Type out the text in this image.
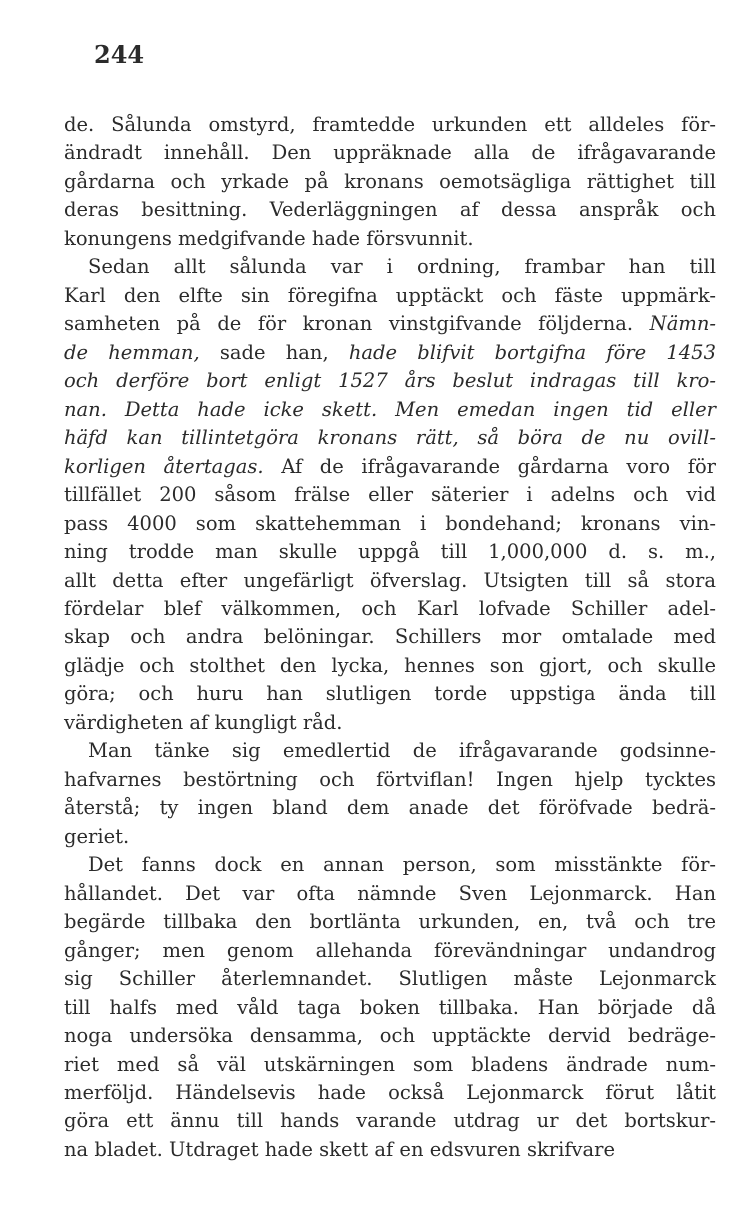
244
de. Sålunda omstyrd, framtedde urkunden ett alldeles för-
ändradt innehåll. Den uppräknade alla de ifrågavarande
gårdarna och yrkade på kronans oemotsägliga rättighet till
deras besittning. Vederläggningen af dessa anspråk och
konungens medgifvande hade försvunnit.
Sedan allt sålunda var i ordning, frambar han till
Karl den elfte sin föregifna upptäckt och fäste uppmärk-
samheten på de för kronan vinstgifvande följderna. Nämn-
de hemman, sade han, hade blifvit bortgifna före 1453
och derföre bort enligt 1527 års beslut indragas till kro-
nan. Detta hade icke skett. Men emedan ingen tid eller
häfd kan tillintetgöra kronans rätt, så böra de nu ovill-
korligen återtagas. Af de ifrågavarande gårdarna voro för
tillfället 200 såsom frälse eller säterier i adelns och vid
pass 4000 som skattehemman i bondehand; kronans vin-
ning trodde man skulle uppgå till 1,000,000 d. s. m.,
allt detta efter ungefärligt öfverslag. Utsigten till så stora
fördelar blef välkommen, och Karl lofvade Schiller adel-
skap och andra belöningar. Schillers mor omtalade med
glädje och stolthet den lycka, hennes son gjort, och skulle
göra; och huru han slutligen torde uppstiga ända till
värdigheten af kungligt råd.
Man tänke sig emedlertid de ifrågavarande godsinne-
hafvarnes bestörtning och förtviflan! Ingen hjelp tycktes
återstå; ty ingen bland dem anade det föröfvade bedrä-
geriet.
Det fanns dock en annan person, som misstänkte för-
hållandet. Det var ofta nämnde Sven Lejonmarck. Han
begärde tillbaka den bortlänta urkunden, en, två och tre
gånger; men genom allehanda förevändningar undandrog
sig Schiller återlemnandet. Slutligen måste Lejonmarck
till halfs med våld taga boken tillbaka. Han började då
noga undersöka densamma, och upptäckte dervid bedräge-
riet med så väl utskärningen som bladens ändrade num-
merföljd. Händelsevis hade också Lejonmarck förut låtit
göra ett ännu till hands varande utdrag ur det bortskur-
na bladet. Utdraget hade skett af en edsvuren skrifvare
